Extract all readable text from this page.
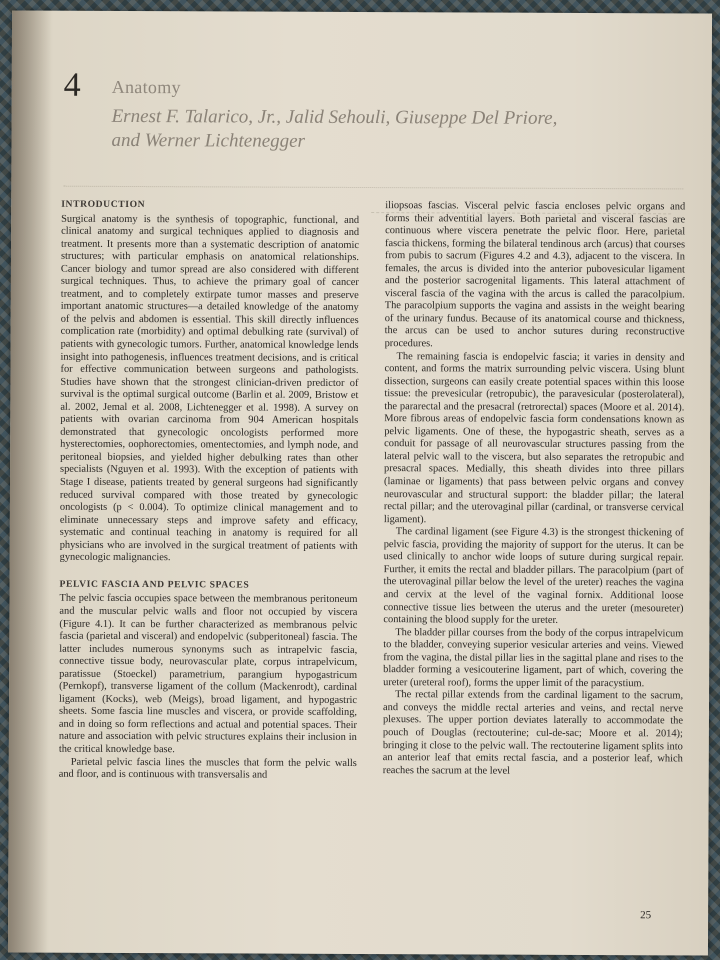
4 Anatomy
Ernest F. Talarico, Jr., Jalid Sehouli, Giuseppe Del Priore, and Werner Lichtenegger
INTRODUCTION

Surgical anatomy is the synthesis of topographic, functional, and clinical anatomy and surgical techniques applied to diagnosis and treatment. It presents more than a systematic description of anatomic structures; with particular emphasis on anatomical relationships. Cancer biology and tumor spread are also considered with different surgical techniques. Thus, to achieve the primary goal of cancer treatment, and to completely extirpate tumor masses and preserve important anatomic structures—a detailed knowledge of the anatomy of the pelvis and abdomen is essential. This skill directly influences complication rate (morbidity) and optimal debulking rate (survival) of patients with gynecologic tumors. Further, anatomical knowledge lends insight into pathogenesis, influences treatment decisions, and is critical for effective communication between surgeons and pathologists. Studies have shown that the strongest clinician-driven predictor of survival is the optimal surgical outcome (Barlin et al. 2009, Bristow et al. 2002, Jemal et al. 2008, Lichtenegger et al. 1998). A survey on patients with ovarian carcinoma from 904 American hospitals demonstrated that gynecologic oncologists performed more hysterectomies, oophorectomies, omentectomies, and lymph node, and peritoneal biopsies, and yielded higher debulking rates than other specialists (Nguyen et al. 1993). With the exception of patients with Stage I disease, patients treated by general surgeons had significantly reduced survival compared with those treated by gynecologic oncologists (p < 0.004). To optimize clinical management and to eliminate unnecessary steps and improve safety and efficacy, systematic and continual teaching in anatomy is required for all physicians who are involved in the surgical treatment of patients with gynecologic malignancies.

PELVIC FASCIA AND PELVIC SPACES

The pelvic fascia occupies space between the membranous peritoneum and the muscular pelvic walls and floor not occupied by viscera (Figure 4.1). It can be further characterized as membranous pelvic fascia (parietal and visceral) and endopelvic (subperitoneal) fascia. The latter includes numerous synonyms such as intrapelvic fascia, connective tissue body, neurovascular plate, corpus intrapelvicum, paratissue (Stoeckel) parametrium, parangium hypogastricum (Pernkopf), transverse ligament of the collum (Mackenrodt), cardinal ligament (Kocks), web (Meigs), broad ligament, and hypogastric sheets. Some fascia line muscles and viscera, or provide scaffolding, and in doing so form reflections and actual and potential spaces. Their nature and association with pelvic structures explains their inclusion in the critical knowledge base.

Parietal pelvic fascia lines the muscles that form the pelvic walls and floor, and is continuous with transversalis and

iliopsoas fascias. Visceral pelvic fascia encloses pelvic organs and forms their adventitial layers. Both parietal and visceral fascias are continuous where viscera penetrate the pelvic floor. Here, parietal fascia thickens, forming the bilateral tendinous arch (arcus) that courses from pubis to sacrum (Figures 4.2 and 4.3), adjacent to the viscera. In females, the arcus is divided into the anterior pubovesicular ligament and the posterior sacrogenital ligaments. This lateral attachment of visceral fascia of the vagina with the arcus is called the paracolpium. The paracolpium supports the vagina and assists in the weight bearing of the urinary fundus. Because of its anatomical course and thickness, the arcus can be used to anchor sutures during reconstructive procedures.

The remaining fascia is endopelvic fascia; it varies in density and content, and forms the matrix surrounding pelvic viscera. Using blunt dissection, surgeons can easily create potential spaces within this loose tissue: the prevesicular (retropubic), the paravesicular (posterolateral), the pararectal and the presacral (retrorectal) spaces (Moore et al. 2014). More fibrous areas of endopelvic fascia form condensations known as pelvic ligaments. One of these, the hypogastric sheath, serves as a conduit for passage of all neurovascular structures passing from the lateral pelvic wall to the viscera, but also separates the retropubic and presacral spaces. Medially, this sheath divides into three pillars (laminae or ligaments) that pass between pelvic organs and convey neurovascular and structural support: the bladder pillar; the lateral rectal pillar; and the uterovaginal pillar (cardinal, or transverse cervical ligament).

The cardinal ligament (see Figure 4.3) is the strongest thickening of pelvic fascia, providing the majority of support for the uterus. It can be used clinically to anchor wide loops of suture during surgical repair. Further, it emits the rectal and bladder pillars. The paracolpium (part of the uterovaginal pillar below the level of the ureter) reaches the vagina and cervix at the level of the vaginal fornix. Additional loose connective tissue lies between the uterus and the ureter (mesoureter) containing the blood supply for the ureter.

The bladder pillar courses from the body of the corpus intrapelvicum to the bladder, conveying superior vesicular arteries and veins. Viewed from the vagina, the distal pillar lies in the sagittal plane and rises to the bladder forming a vesicouterine ligament, part of which, covering the ureter (ureteral roof), forms the upper limit of the paracystium.

The rectal pillar extends from the cardinal ligament to the sacrum, and conveys the middle rectal arteries and veins, and rectal nerve plexuses. The upper portion deviates laterally to accommodate the pouch of Douglas (rectouterine; cul-de-sac; Moore et al. 2014); bringing it close to the pelvic wall. The rectouterine ligament splits into an anterior leaf that emits rectal fascia, and a posterior leaf, which reaches the sacrum at the level

25
